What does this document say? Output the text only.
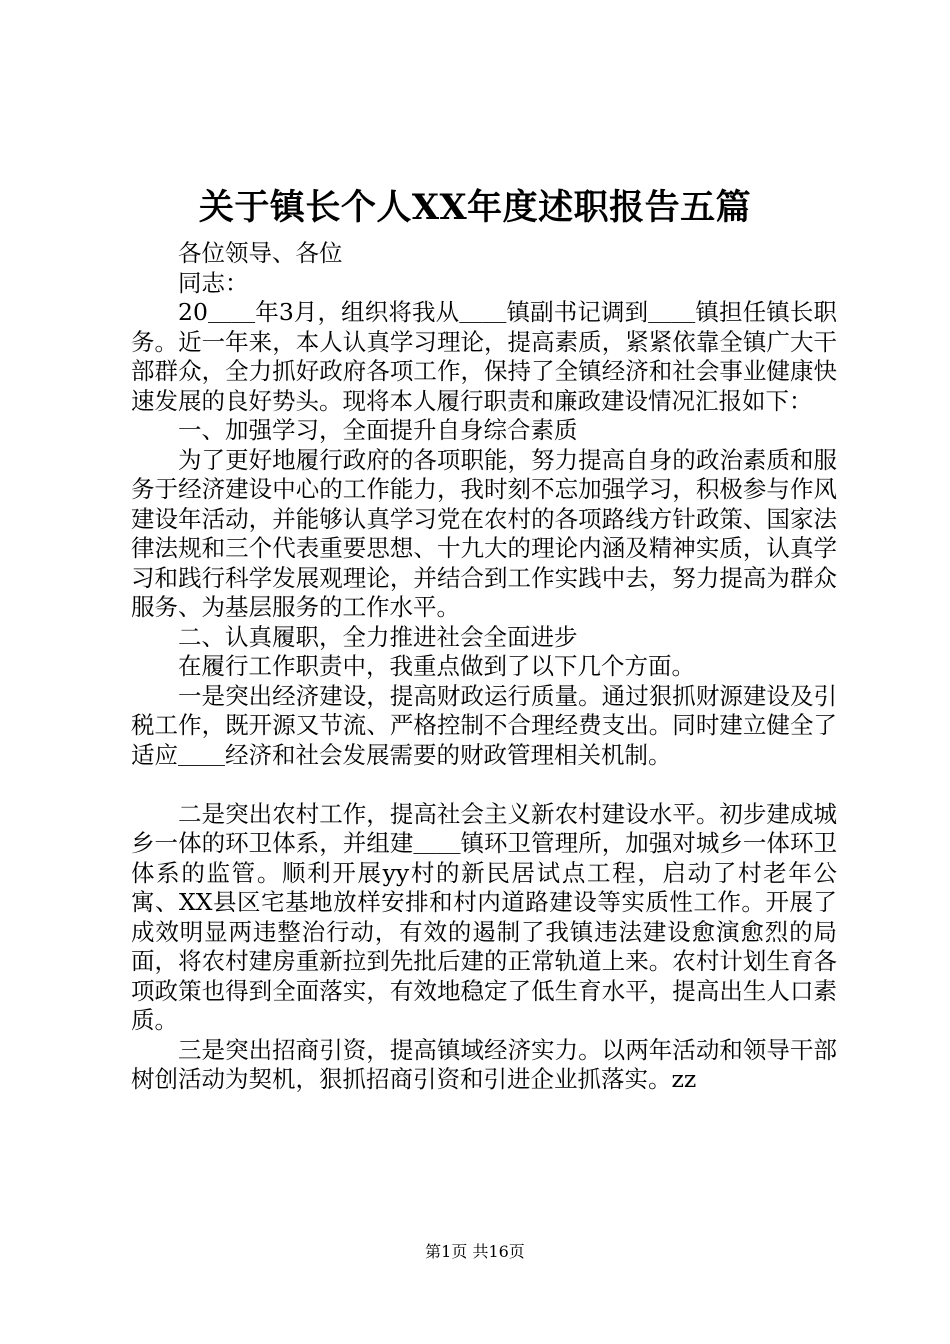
关于镇长个人XX年度述职报告五篇

各位领导、各位

同志：

20＿＿年3月，组织将我从＿＿镇副书记调到＿＿镇担任镇长职务。近一年来，本人认真学习理论，提高素质，紧紧依靠全镇广大干部群众，全力抓好政府各项工作，保持了全镇经济和社会事业健康快速发展的良好势头。现将本人履行职责和廉政建设情况汇报如下：

一、加强学习，全面提升自身综合素质

为了更好地履行政府的各项职能，努力提高自身的政治素质和服务于经济建设中心的工作能力，我时刻不忘加强学习，积极参与作风建设年活动，并能够认真学习党在农村的各项路线方针政策、国家法律法规和三个代表重要思想、十九大的理论内涵及精神实质，认真学习和践行科学发展观理论，并结合到工作实践中去，努力提高为群众服务、为基层服务的工作水平。

二、认真履职，全力推进社会全面进步

在履行工作职责中，我重点做到了以下几个方面。

一是突出经济建设，提高财政运行质量。通过狠抓财源建设及引税工作，既开源又节流、严格控制不合理经费支出。同时建立健全了适应＿＿经济和社会发展需要的财政管理相关机制。

二是突出农村工作，提高社会主义新农村建设水平。初步建成城乡一体的环卫体系，并组建＿＿镇环卫管理所，加强对城乡一体环卫体系的监管。顺利开展yy村的新民居试点工程，启动了村老年公寓、XX县区宅基地放样安排和村内道路建设等实质性工作。开展了成效明显两违整治行动，有效的遏制了我镇违法建设愈演愈烈的局面，将农村建房重新拉到先批后建的正常轨道上来。农村计划生育各项政策也得到全面落实，有效地稳定了低生育水平，提高出生人口素质。

三是突出招商引资，提高镇域经济实力。以两年活动和领导干部树创活动为契机，狠抓招商引资和引进企业抓落实。zz

第1页 共16页
